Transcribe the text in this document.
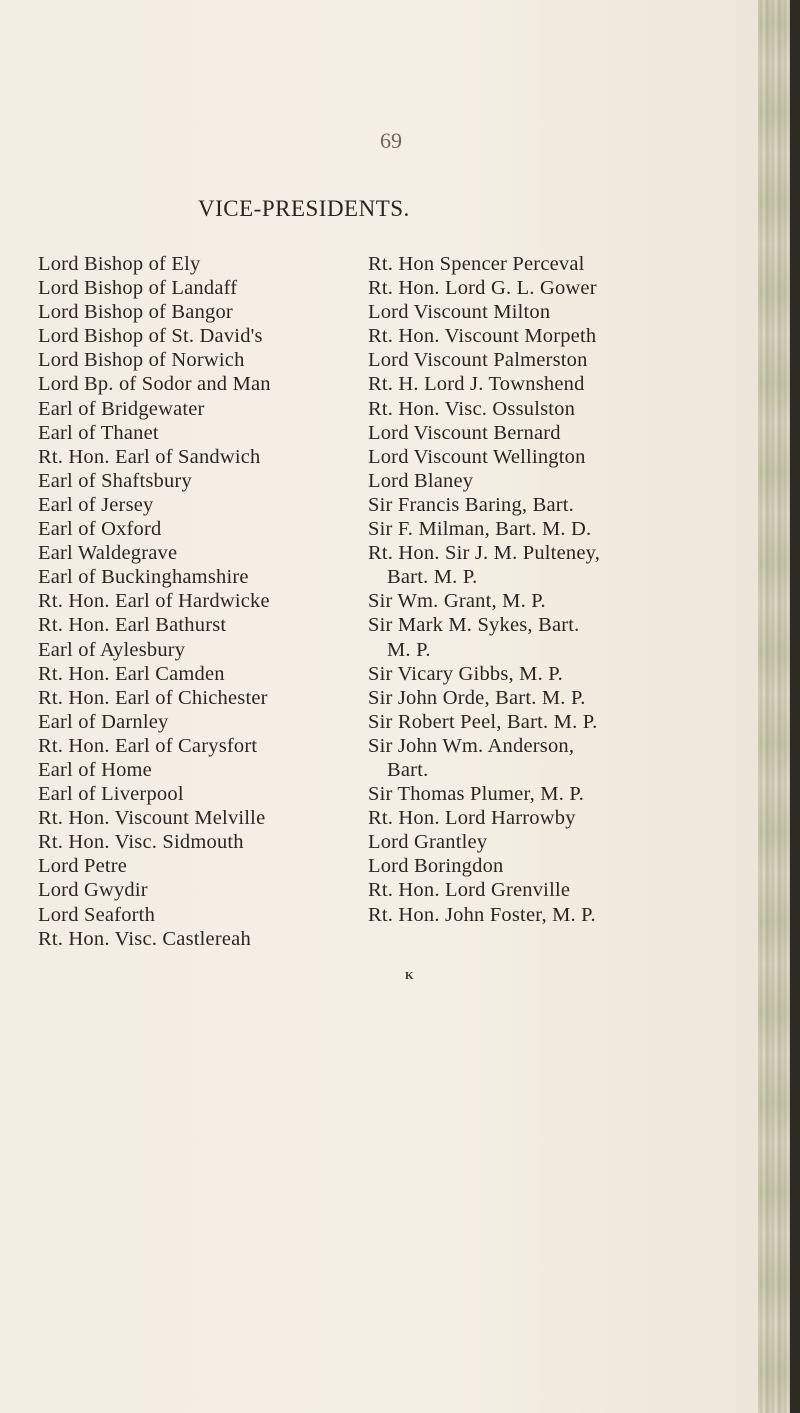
69
VICE-PRESIDENTS.
Lord Bishop of Ely
Lord Bishop of Landaff
Lord Bishop of Bangor
Lord Bishop of St. David's
Lord Bishop of Norwich
Lord Bp. of Sodor and Man
Earl of Bridgewater
Earl of Thanet
Rt. Hon. Earl of Sandwich
Earl of Shaftsbury
Earl of Jersey
Earl of Oxford
Earl Waldegrave
Earl of Buckinghamshire
Rt. Hon. Earl of Hardwicke
Rt. Hon. Earl Bathurst
Earl of Aylesbury
Rt. Hon. Earl Camden
Rt. Hon. Earl of Chichester
Earl of Darnley
Rt. Hon. Earl of Carysfort
Earl of Home
Earl of Liverpool
Rt. Hon. Viscount Melville
Rt. Hon. Visc. Sidmouth
Lord Petre
Lord Gwydir
Lord Seaforth
Rt. Hon. Visc. Castlereah
Rt. Hon Spencer Perceval
Rt. Hon. Lord G. L. Gower
Lord Viscount Milton
Rt. Hon. Viscount Morpeth
Lord Viscount Palmerston
Rt. H. Lord J. Townshend
Rt. Hon. Visc. Ossulston
Lord Viscount Bernard
Lord Viscount Wellington
Lord Blaney
Sir Francis Baring, Bart.
Sir F. Milman, Bart. M. D.
Rt. Hon. Sir J. M. Pulteney,
Bart. M. P.
Sir Wm. Grant, M. P.
Sir Mark M. Sykes, Bart.
M. P.
Sir Vicary Gibbs, M. P.
Sir John Orde, Bart. M. P.
Sir Robert Peel, Bart. M. P.
Sir John Wm. Anderson,
Bart.
Sir Thomas Plumer, M. P.
Rt. Hon. Lord Harrowby
Lord Grantley
Lord Boringdon
Rt. Hon. Lord Grenville
Rt. Hon. John Foster, M. P.
K
